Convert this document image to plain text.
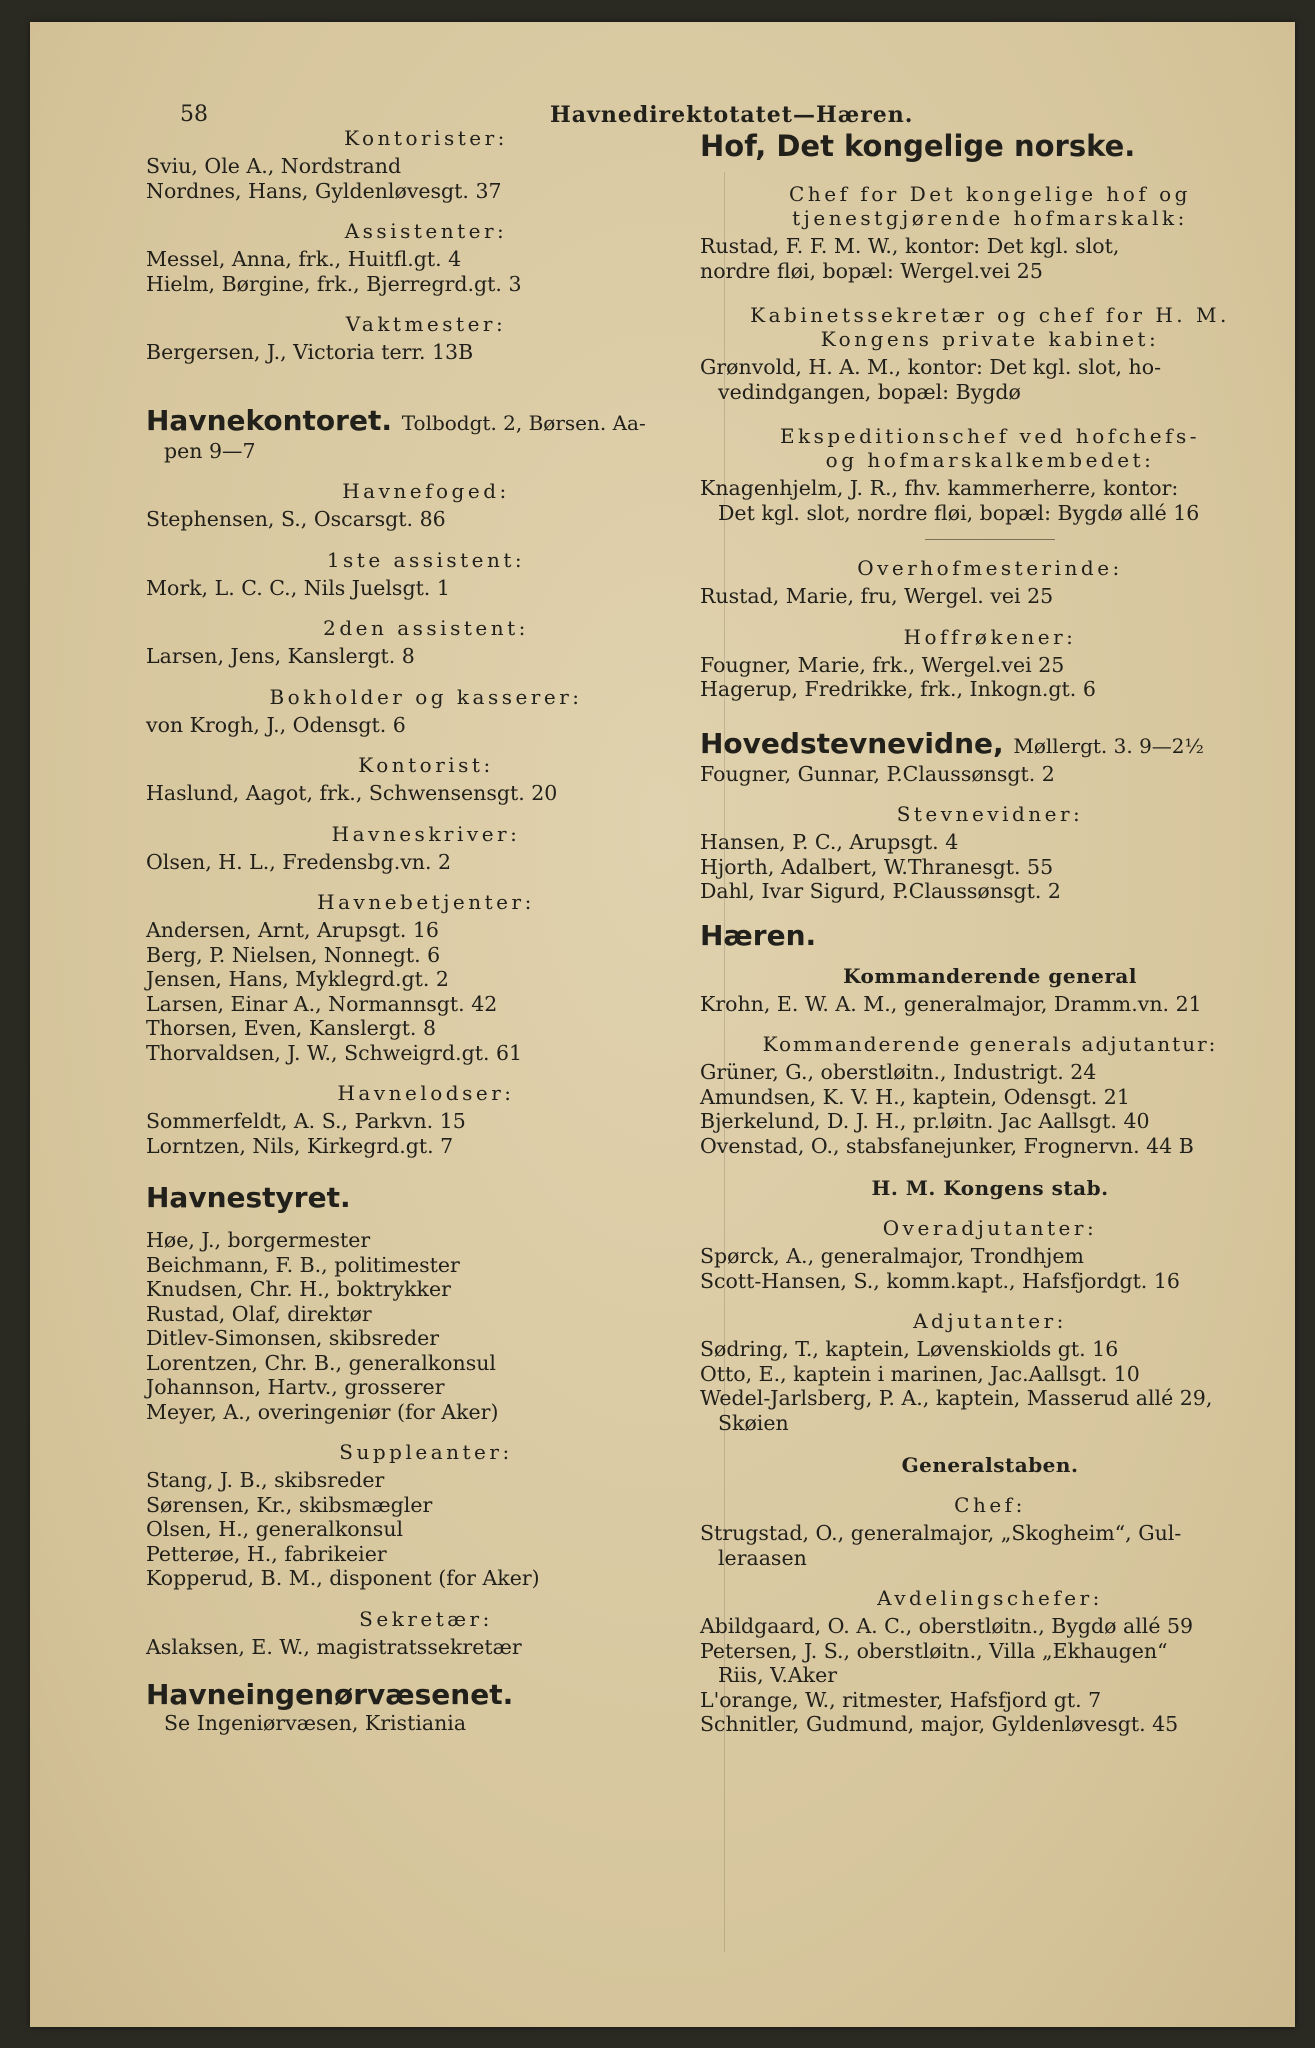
58	Havnedirektotatet—Hæren.
Kontorister:
Sviu, Ole A., Nordstrand
Nordnes, Hans, Gyldenløvesgt. 37
Assistenter:
Messel, Anna, frk., Huitfl.gt. 4
Hielm, Børgine, frk., Bjerregrd.gt. 3
Vaktmester:
Bergersen, J., Victoria terr. 13B
Havnekontoret. Tolbodgt. 2, Børsen. Aa-
pen 9—7
Havnefoged:
Stephensen, S., Oscarsgt. 86
1ste assistent:
Mork, L. C. C., Nils Juelsgt. 1
2den assistent:
Larsen, Jens, Kanslergt. 8
Bokholder og kasserer:
von Krogh, J., Odensgt. 6
Kontorist:
Haslund, Aagot, frk., Schwensensgt. 20
Havneskriver:
Olsen, H. L., Fredensbg.vn. 2
Havnebetjenter:
Andersen, Arnt, Arupsgt. 16
Berg, P. Nielsen, Nonnegt. 6
Jensen, Hans, Myklegrd.gt. 2
Larsen, Einar A., Normannsgt. 42
Thorsen, Even, Kanslergt. 8
Thorvaldsen, J. W., Schweigrd.gt. 61
Havnelodser:
Sommerfeldt, A. S., Parkvn. 15
Lorntzen, Nils, Kirkegrd.gt. 7
Havnestyret.
Høe, J., borgermester
Beichmann, F. B., politimester
Knudsen, Chr. H., boktrykker
Rustad, Olaf, direktør
Ditlev-Simonsen, skibsreder
Lorentzen, Chr. B., generalkonsul
Johannson, Hartv., grosserer
Meyer, A., overingeniør (for Aker)
Suppleanter:
Stang, J. B., skibsreder
Sørensen, Kr., skibsmægler
Olsen, H., generalkonsul
Petterøe, H., fabrikeier
Kopperud, B. M., disponent (for Aker)
Sekretær:
Aslaksen, E. W., magistratssekretær
Havneingenørvæsenet.
Se Ingeniørvæsen, Kristiania
Hof, Det kongelige norske.
Chef for Det kongelige hof og
tjenestgjørende hofmarskalk:
Rustad, F. F. M. W., kontor: Det kgl. slot,
nordre fløi, bopæl: Wergel.vei 25
Kabinetssekretær og chef for H. M.
Kongens private kabinet:
Grønvold, H. A. M., kontor: Det kgl. slot, ho-
vedindgangen, bopæl: Bygdø
Ekspeditionschef ved hofchefs-
og hofmarskalkembedet:
Knagenhjelm, J. R., fhv. kammerherre, kontor:
Det kgl. slot, nordre fløi, bopæl: Bygdø allé 16
Overhofmesterinde:
Rustad, Marie, fru, Wergel. vei 25
Hoffrøkener:
Fougner, Marie, frk., Wergel.vei 25
Hagerup, Fredrikke, frk., Inkogn.gt. 6
Hovedstevnevidne, Møllergt. 3. 9—2½
Fougner, Gunnar, P.Claussønsgt. 2
Stevnevidner:
Hansen, P. C., Arupsgt. 4
Hjorth, Adalbert, W.Thranesgt. 55
Dahl, Ivar Sigurd, P.Claussønsgt. 2
Hæren.
Kommanderende general
Krohn, E. W. A. M., generalmajor, Dramm.vn. 21
Kommanderende generals adjutantur:
Grüner, G., oberstløitn., Industrigt. 24
Amundsen, K. V. H., kaptein, Odensgt. 21
Bjerkelund, D. J. H., pr.løitn. Jac Aallsgt. 40
Ovenstad, O., stabsfanejunker, Frognervn. 44 B
H. M. Kongens stab.
Overadjutanter:
Spørck, A., generalmajor, Trondhjem
Scott-Hansen, S., komm.kapt., Hafsfjordgt. 16
Adjutanter:
Sødring, T., kaptein, Løvenskiolds gt. 16
Otto, E., kaptein i marinen, Jac.Aallsgt. 10
Wedel-Jarlsberg, P. A., kaptein, Masserud allé 29,
Skøien
Generalstaben.
Chef:
Strugstad, O., generalmajor, „Skogheim“, Gul-
leraasen
Avdelingschefer:
Abildgaard, O. A. C., oberstløitn., Bygdø allé 59
Petersen, J. S., oberstløitn., Villa „Ekhaugen“
Riis, V.Aker
L'orange, W., ritmester, Hafsfjord gt. 7
Schnitler, Gudmund, major, Gyldenløvesgt. 45
